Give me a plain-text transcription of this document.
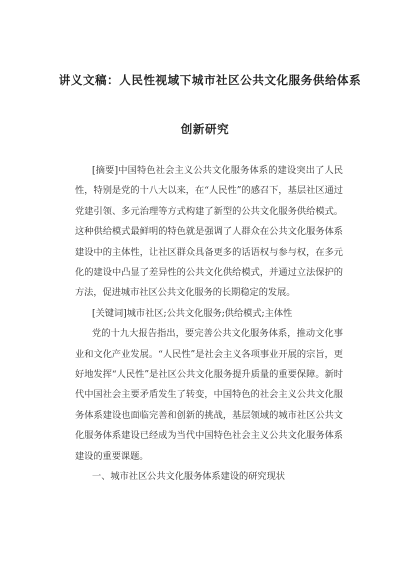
讲义文稿：人民性视域下城市社区公共文化服务供给体系
创新研究

[摘要]中国特色社会主义公共文化服务体系的建设突出了人民性，特别是党的十八大以来，在“人民性”的感召下，基层社区通过党建引领、多元治理等方式构建了新型的公共文化服务供给模式。这种供给模式最鲜明的特色就是强调了人群众在公共文化服务体系建设中的主体性，让社区群众具备更多的话语权与参与权，在多元化的建设中凸显了差异性的公共文化供给模式，并通过立法保护的方法，促进城市社区公共文化服务的长期稳定的发展。

[关键词]城市社区;公共文化服务;供给模式;主体性

党的十九大报告指出，要完善公共文化服务体系，推动文化事业和文化产业发展。“人民性”是社会主义各项事业开展的宗旨，更好地发挥“人民性”是社区公共文化服务提升质量的重要保障。新时代中国社会主要矛盾发生了转变，中国特色的社会主义公共文化服务体系建设也面临完善和创新的挑战，基层领域的城市社区公共文化服务体系建设已经成为当代中国特色社会主义公共文化服务体系建设的重要课题。

一、城市社区公共文化服务体系建设的研究现状
